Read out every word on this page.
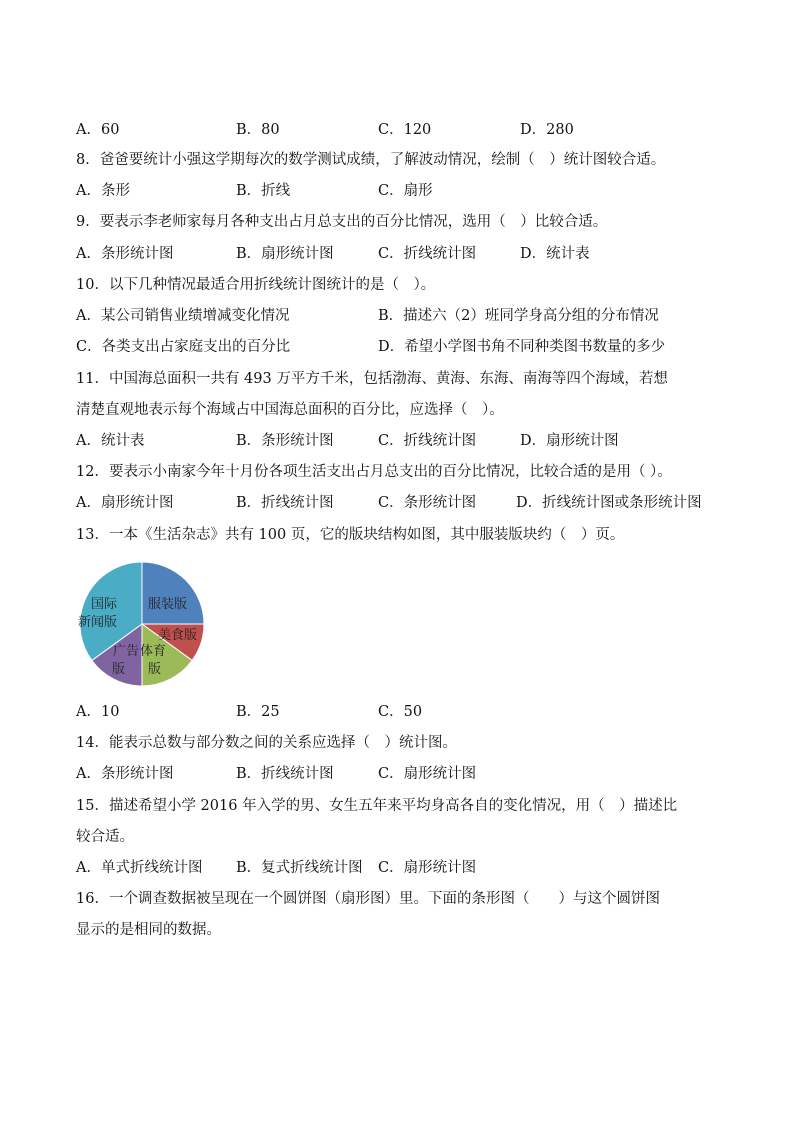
A．60	B．80	C．120	D．280
8．爸爸要统计小强这学期每次的数学测试成绩，了解波动情况，绘制（　）统计图较合适。
A．条形	B．折线	C．扇形
9．要表示李老师家每月各种支出占月总支出的百分比情况，选用（　）比较合适。
A．条形统计图	B．扇形统计图	C．折线统计图	D．统计表
10．以下几种情况最适合用折线统计图统计的是（　）。
A．某公司销售业绩增减变化情况	B．描述六（2）班同学身高分组的分布情况
C．各类支出占家庭支出的百分比	D．希望小学图书角不同种类图书数量的多少
11．中国海总面积一共有 493 万平方千米，包括渤海、黄海、东海、南海等四个海域，若想
清楚直观地表示每个海域占中国海总面积的百分比，应选择（　）。
A．统计表	B．条形统计图	C．折线统计图	D．扇形统计图
12．要表示小南家今年十月份各项生活支出占月总支出的百分比情况，比较合适的是用（ ）。
A．扇形统计图	B．折线统计图	C．条形统计图	D．折线统计图或条形统计图
13．一本《生活杂志》共有 100 页，它的版块结构如图，其中服装版块约（　）页。
服装版
美食版
体育
版
广告
版
国际
新闻版
A．10	B．25	C．50
14．能表示总数与部分数之间的关系应选择（　）统计图。
A．条形统计图	B．折线统计图	C．扇形统计图
15．描述希望小学 2016 年入学的男、女生五年来平均身高各自的变化情况，用（　）描述比
较合适。
A．单式折线统计图 B．复式折线统计图 C．扇形统计图
16．一个调查数据被呈现在一个圆饼图（扇形图）里。下面的条形图（　　）与这个圆饼图
显示的是相同的数据。
